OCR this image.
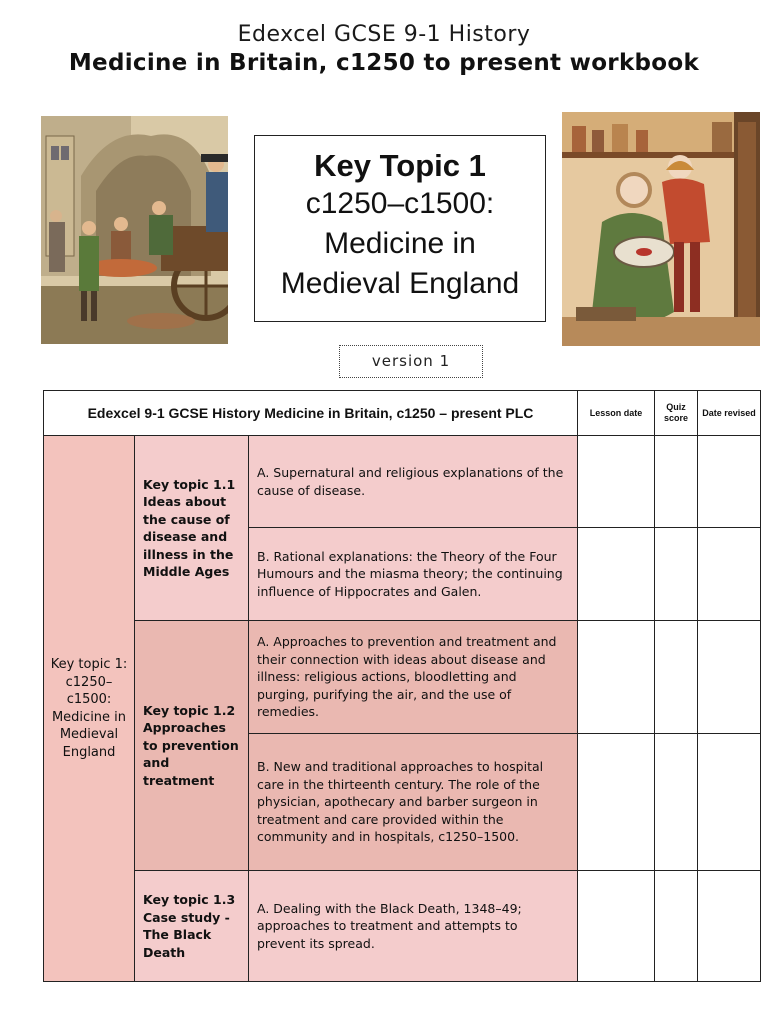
Edexcel GCSE 9-1 History
Medicine in Britain, c1250 to present workbook
Key Topic 1
c1250–c1500:
Medicine in
Medieval England
version 1
Edexcel 9-1 GCSE History Medicine in Britain, c1250 – present PLC			Lesson date	Quiz score	Date revised
Key topic 1: c1250–c1500: Medicine in Medieval England	Key topic 1.1 Ideas about the cause of disease and illness in the Middle Ages	A. Supernatural and religious explanations of the cause of disease.			
		B. Rational explanations: the Theory of the Four Humours and the miasma theory; the continuing influence of Hippocrates and Galen.			
	Key topic 1.2 Approaches to prevention and treatment	A. Approaches to prevention and treatment and their connection with ideas about disease and illness: religious actions, bloodletting and purging, purifying the air, and the use of remedies.			
		B. New and traditional approaches to hospital care in the thirteenth century. The role of the physician, apothecary and barber surgeon in treatment and care provided within the community and in hospitals, c1250–1500.			
	Key topic 1.3 Case study - The Black Death	A. Dealing with the Black Death, 1348–49; approaches to treatment and attempts to prevent its spread.			
